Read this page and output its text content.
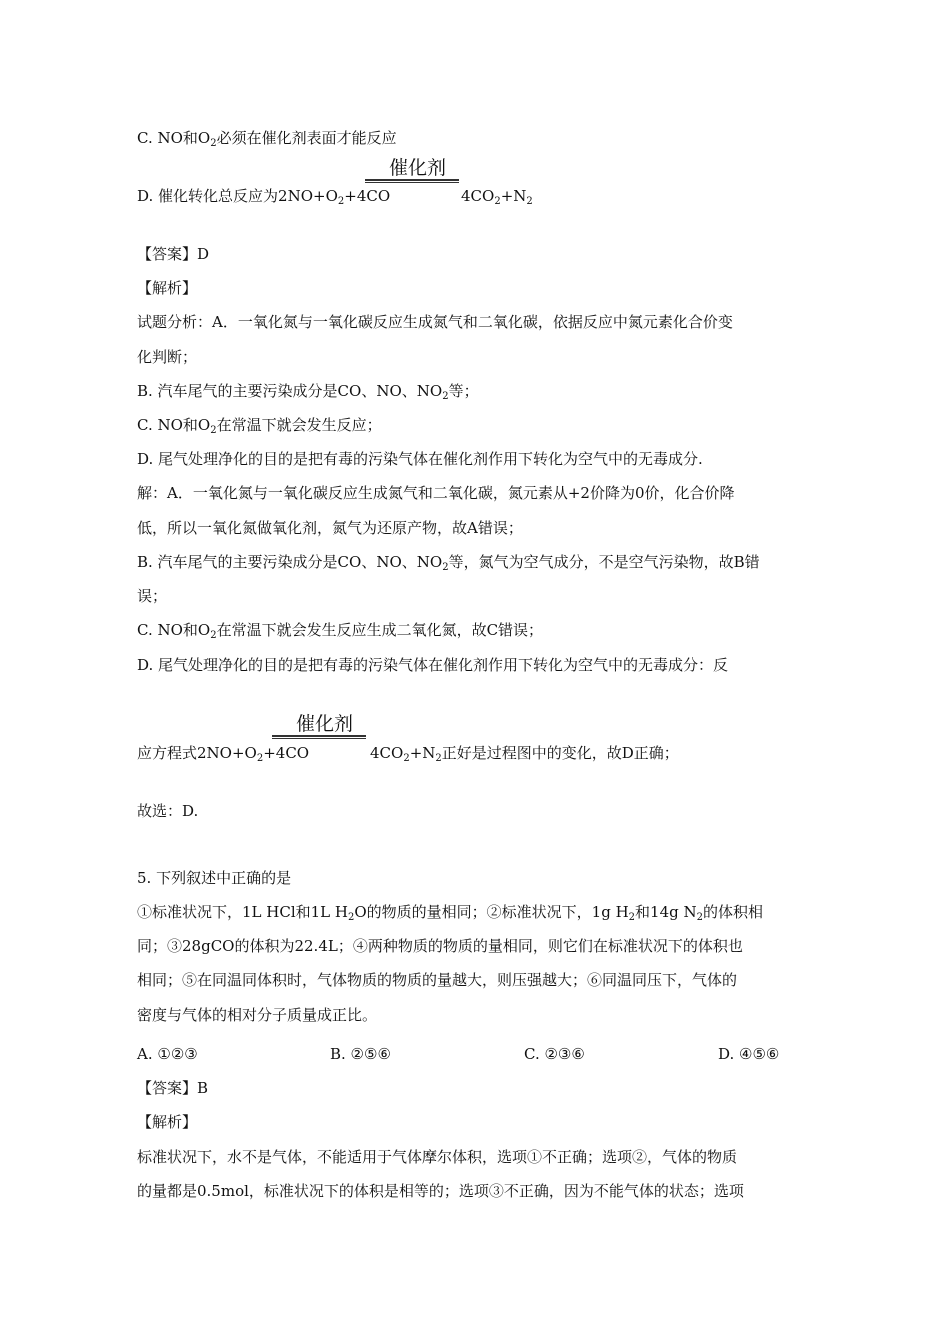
C. NO和$O_2$必须在催化剂表面才能反应
催化剂
D. 催化转化总反应为$2NO+O_2+4CO$	$4CO_2+N_2$
【答案】D
【解析】
试题分析：A．一氧化氮与一氧化碳反应生成氮气和二氧化碳，依据反应中氮元素化合价变
化判断；
B. 汽车尾气的主要污染成分是CO、NO、$NO_2$等；
C. NO和$O_2$在常温下就会发生反应；
D. 尾气处理净化的目的是把有毒的污染气体在催化剂作用下转化为空气中的无毒成分.
解：A．一氧化氮与一氧化碳反应生成氮气和二氧化碳，氮元素从+2价降为0价，化合价降
低，所以一氧化氮做氧化剂，氮气为还原产物，故A错误；
B. 汽车尾气的主要污染成分是CO、NO、$NO_2$等，氮气为空气成分，不是空气污染物，故B错
误；
C. NO和$O_2$在常温下就会发生反应生成二氧化氮，故C错误；
D. 尾气处理净化的目的是把有毒的污染气体在催化剂作用下转化为空气中的无毒成分：反
催化剂
应方程式$2NO+O_2+4CO$	$4CO_2+N_2$正好是过程图中的变化，故D正确；
故选：D.
5. 下列叙述中正确的是
①标准状况下，1L HCl和1L $H_2O$的物质的量相同；②标准状况下，1g $H_2$和14g $N_2$的体积相
同；③28gCO的体积为22.4L；④两种物质的物质的量相同，则它们在标准状况下的体积也
相同；⑤在同温同体积时，气体物质的物质的量越大，则压强越大；⑥同温同压下，气体的
密度与气体的相对分子质量成正比。
A. ①②③	B. ②⑤⑥	C. ②③⑥	D. ④⑤⑥
【答案】B
【解析】
标准状况下，水不是气体，不能适用于气体摩尔体积，选项①不正确；选项②，气体的物质
的量都是0.5mol，标准状况下的体积是相等的；选项③不正确，因为不能气体的状态；选项
